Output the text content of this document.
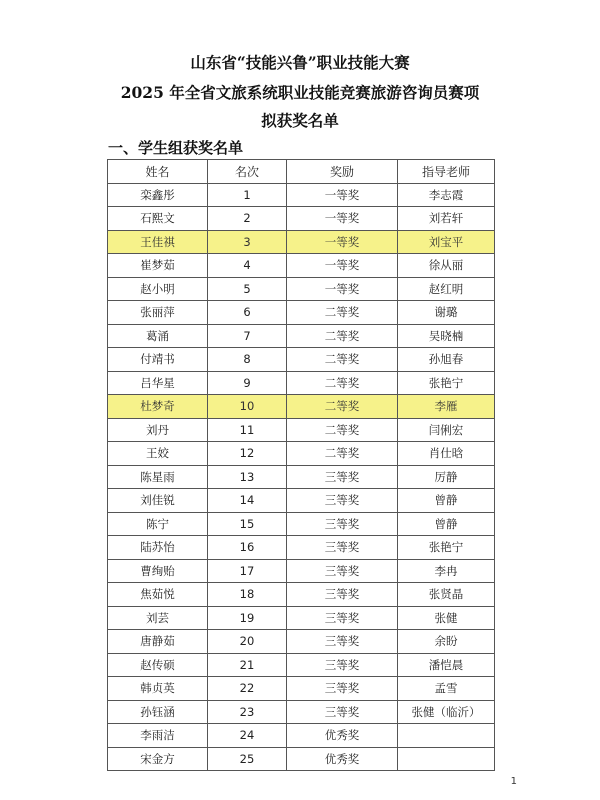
山东省“技能兴鲁”职业技能大赛
2025 年全省文旅系统职业技能竞赛旅游咨询员赛项
拟获奖名单
一、学生组获奖名单
姓名	名次	奖励	指导老师
栾鑫彤	1	一等奖	李志霞
石熙文	2	一等奖	刘若轩
王佳祺	3	一等奖	刘宝平
崔梦茹	4	一等奖	徐从丽
赵小明	5	一等奖	赵红明
张丽萍	6	二等奖	谢璐
葛涌	7	二等奖	吴晓楠
付靖书	8	二等奖	孙旭春
吕华星	9	二等奖	张艳宁
杜梦奇	10	二等奖	李雁
刘丹	11	二等奖	闫俐宏
王姣	12	二等奖	肖仕晗
陈星雨	13	三等奖	厉静
刘佳锐	14	三等奖	曾静
陈宁	15	三等奖	曾静
陆苏怡	16	三等奖	张艳宁
曹绚贻	17	三等奖	李冉
焦茹悦	18	三等奖	张贤晶
刘芸	19	三等奖	张健
唐静茹	20	三等奖	余盼
赵传硕	21	三等奖	潘恺晨
韩贞英	22	三等奖	孟雪
孙钰涵	23	三等奖	张健（临沂）
李雨洁	24	优秀奖	
宋金方	25	优秀奖	
1
